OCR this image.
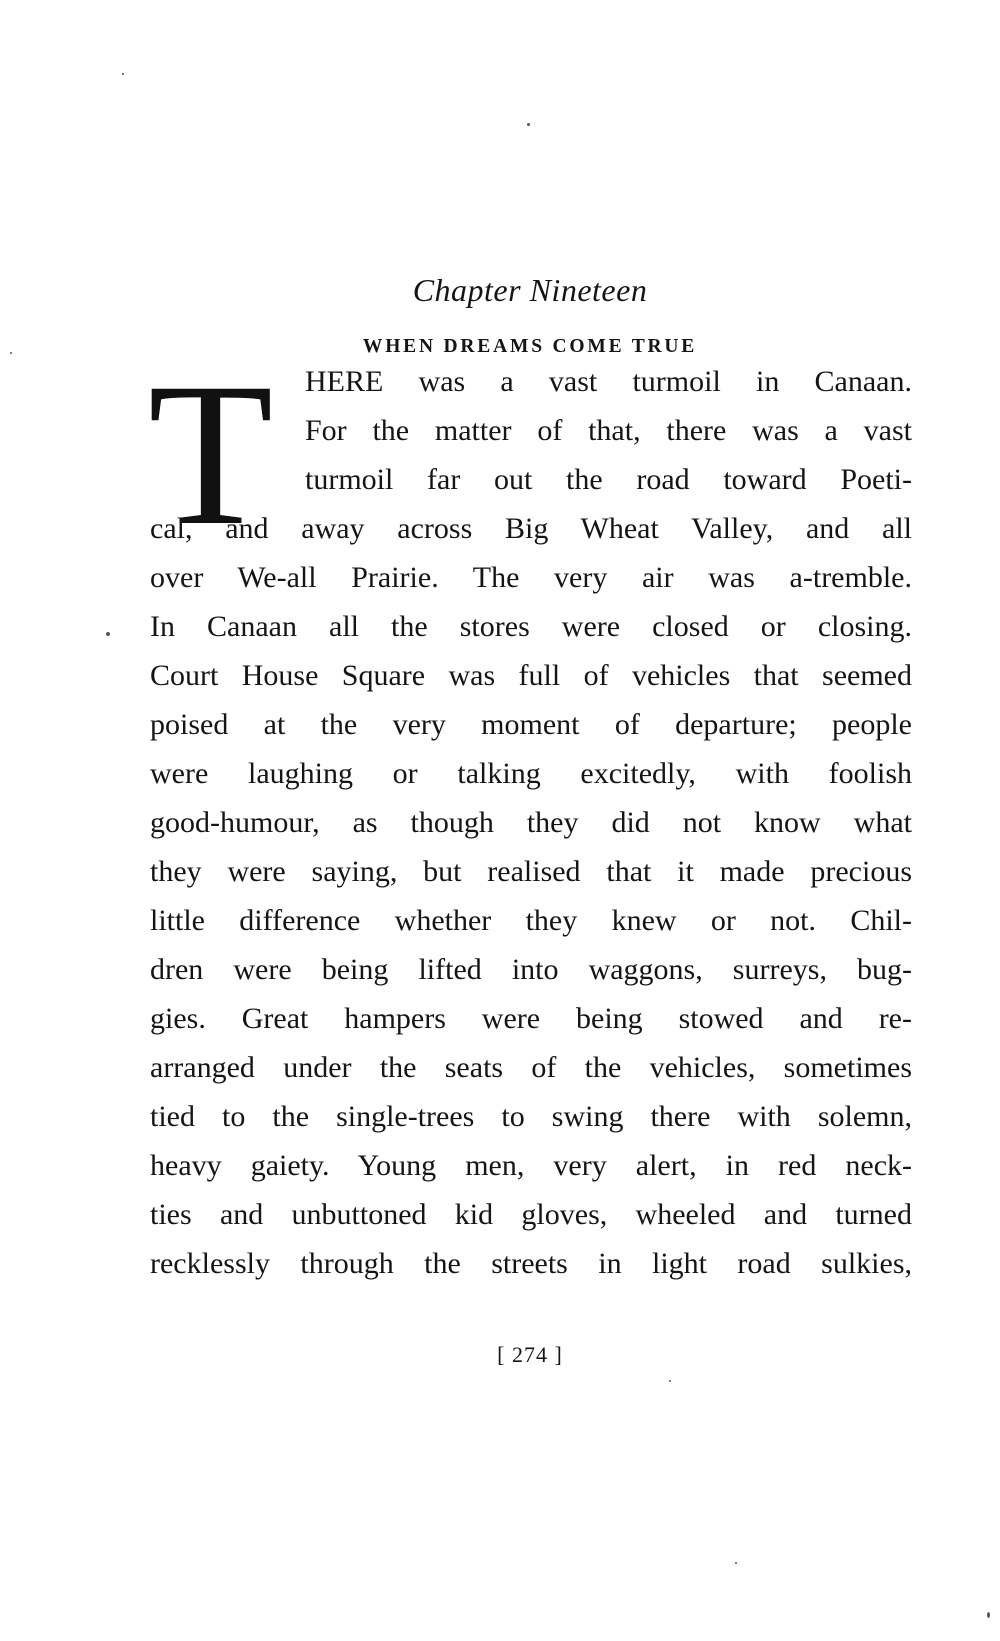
Chapter Nineteen
WHEN DREAMS COME TRUE
T	HERE was a vast turmoil in Canaan.
For the matter of that, there was a vast
turmoil far out the road toward Poeti-
cal, and away across Big Wheat Valley, and all
over We-all Prairie. The very air was a-tremble.
In Canaan all the stores were closed or closing.
Court House Square was full of vehicles that seemed
poised at the very moment of departure; people
were laughing or talking excitedly, with foolish
good-humour, as though they did not know what
they were saying, but realised that it made precious
little difference whether they knew or not. Chil-
dren were being lifted into waggons, surreys, bug-
gies. Great hampers were being stowed and re-
arranged under the seats of the vehicles, sometimes
tied to the single-trees to swing there with solemn,
heavy gaiety. Young men, very alert, in red neck-
ties and unbuttoned kid gloves, wheeled and turned
recklessly through the streets in light road sulkies,
[ 274 ]
